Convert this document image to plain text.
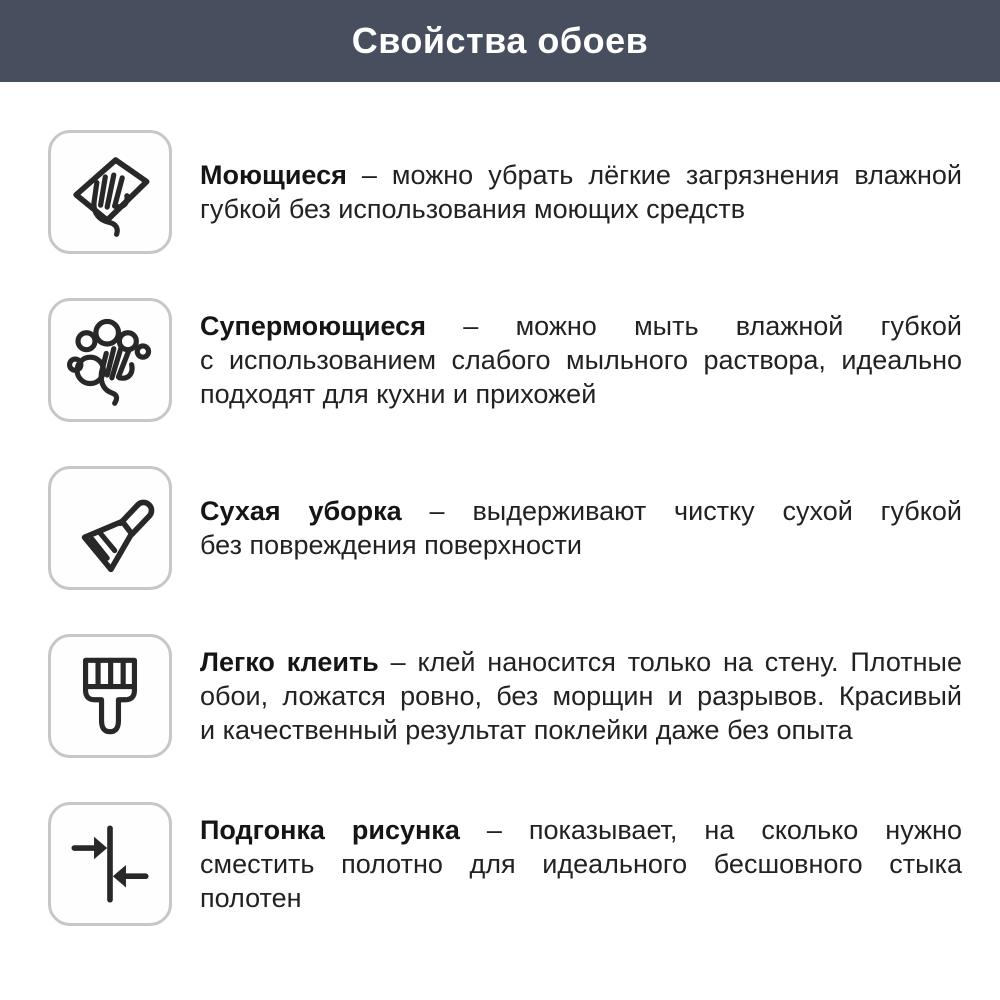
Свойства обоев

Моющиеся – можно убрать лёгкие загрязнения влажной губкой без использования моющих средств

Супермоющиеся – можно мыть влажной губкой с использованием слабого мыльного раствора, идеально подходят для кухни и прихожей

Сухая уборка – выдерживают чистку сухой губкой без повреждения поверхности

Легко клеить – клей наносится только на стену. Плотные обои, ложатся ровно, без морщин и разрывов. Красивый и качественный результат поклейки даже без опыта

Подгонка рисунка – показывает, на сколько нужно сместить полотно для идеального бесшовного стыка полотен
